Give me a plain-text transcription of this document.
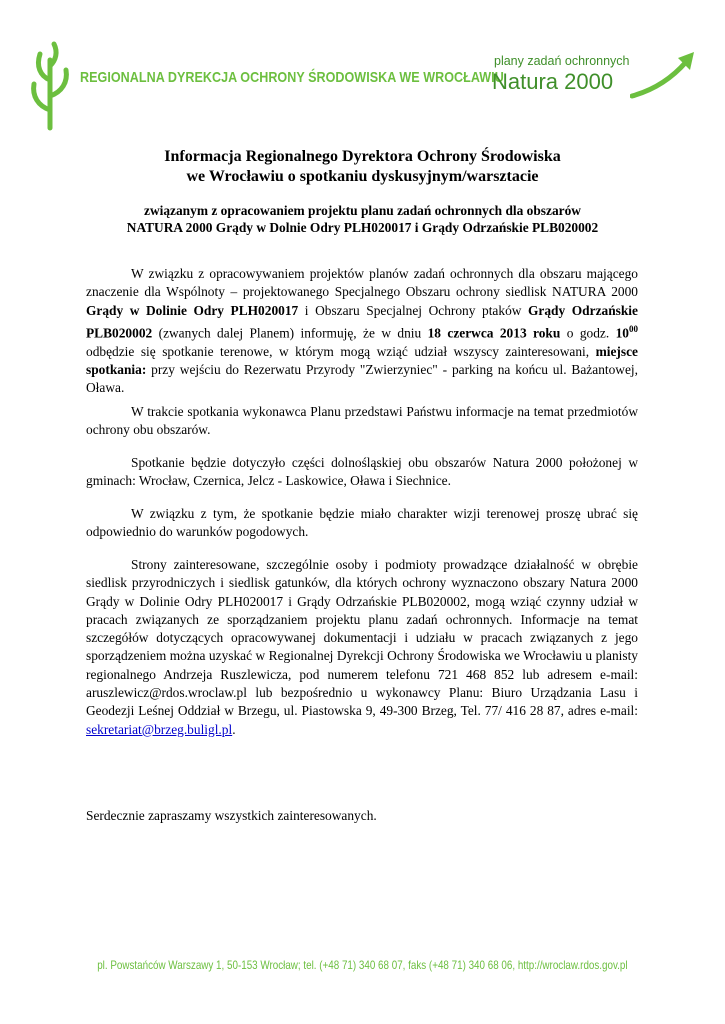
REGIONALNA DYREKCJA OCHRONY ŚRODOWISKA WE WROCŁAWIU
plany zadań ochronnych
Natura 2000
Informacja Regionalnego Dyrektora Ochrony Środowiska
we Wrocławiu o spotkaniu dyskusyjnym/warsztacie
związanym z opracowaniem projektu planu zadań ochronnych dla obszarów
NATURA 2000 Grądy w Dolnie Odry PLH020017 i Grądy Odrzańskie PLB020002

W związku z opracowywaniem projektów planów zadań ochronnych dla obszaru mającego znaczenie dla Wspólnoty – projektowanego Specjalnego Obszaru ochrony siedlisk NATURA 2000 Grądy w Dolinie Odry PLH020017 i Obszaru Specjalnej Ochrony ptaków Grądy Odrzańskie PLB020002 (zwanych dalej Planem) informuję, że w dniu 18 czerwca 2013 roku o godz. $10^{00}$ odbędzie się spotkanie terenowe, w którym mogą wziąć udział wszyscy zainteresowani, miejsce spotkania: przy wejściu do Rezerwatu Przyrody "Zwierzyniec" - parking na końcu ul. Bażantowej, Oława.

W trakcie spotkania wykonawca Planu przedstawi Państwu informacje na temat przedmiotów ochrony obu obszarów.

Spotkanie będzie dotyczyło części dolnośląskiej obu obszarów Natura 2000 położonej w gminach: Wrocław, Czernica, Jelcz - Laskowice, Oława i Siechnice.

W związku z tym, że spotkanie będzie miało charakter wizji terenowej proszę ubrać się odpowiednio do warunków pogodowych.

Strony zainteresowane, szczególnie osoby i podmioty prowadzące działalność w obrębie siedlisk przyrodniczych i siedlisk gatunków, dla których ochrony wyznaczono obszary Natura 2000 Grądy w Dolinie Odry PLH020017 i Grądy Odrzańskie PLB020002, mogą wziąć czynny udział w pracach związanych ze sporządzaniem projektu planu zadań ochronnych. Informacje na temat szczegółów dotyczących opracowywanej dokumentacji i udziału w pracach związanych z jego sporządzeniem można uzyskać w Regionalnej Dyrekcji Ochrony Środowiska we Wrocławiu u planisty regionalnego Andrzeja Ruszlewicza, pod numerem telefonu 721 468 852 lub adresem e-mail: aruszlewicz@rdos.wroclaw.pl lub bezpośrednio u wykonawcy Planu: Biuro Urządzania Lasu i Geodezji Leśnej Oddział w Brzegu, ul. Piastowska 9, 49-300 Brzeg, Tel. 77/ 416 28 87, adres e-mail: sekretariat@brzeg.buligl.pl.

Serdecznie zapraszamy wszystkich zainteresowanych.
pl. Powstańców Warszawy 1, 50-153 Wrocław; tel. (+48 71) 340 68 07, faks (+48 71) 340 68 06, http://wroclaw.rdos.gov.pl
